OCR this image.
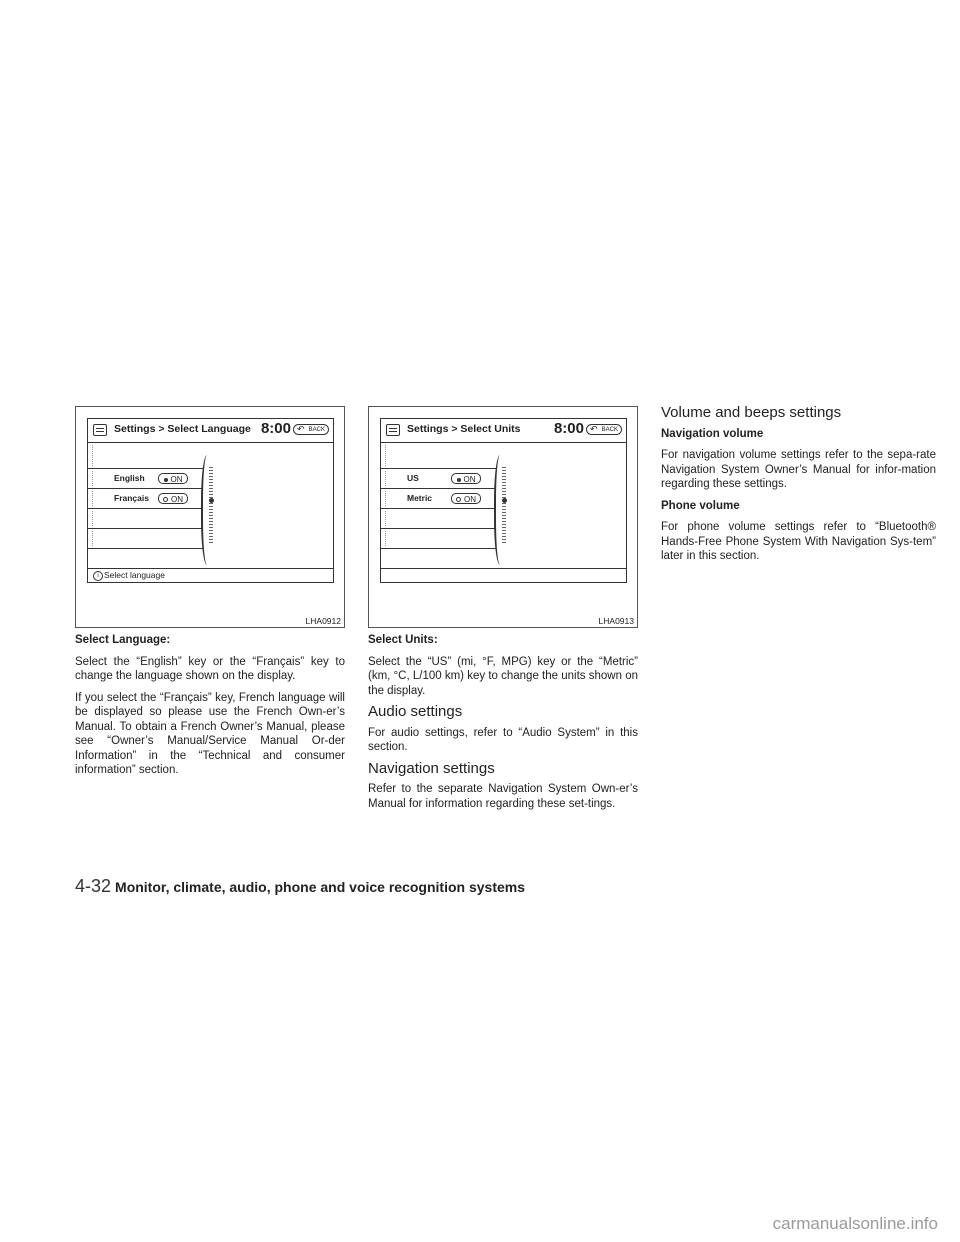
Settings > Select Language 8:00 ↶ BACK
English	ON
Français	ON
i Select language
LHA0912
Settings > Select Units 8:00 ↶ BACK
US	ON
Metric	ON
LHA0913
Select Language:

Select the “English” key or the “Français” key to change the language shown on the display.

If you select the “Français” key, French language will be displayed so please use the French Own-er’s Manual. To obtain a French Owner’s Manual, please see “Owner’s Manual/Service Manual Or-der Information” in the “Technical and consumer information” section.

Select Units:

Select the “US” (mi, °F, MPG) key or the “Metric” (km, °C, L/100 km) key to change the units shown on the display.

Audio settings

For audio settings, refer to “Audio System” in this section.

Navigation settings

Refer to the separate Navigation System Own-er’s Manual for information regarding these set-tings.

Volume and beeps settings
Navigation volume

For navigation volume settings refer to the sepa-rate Navigation System Owner’s Manual for infor-mation regarding these settings.

Phone volume

For phone volume settings refer to “Bluetooth® Hands-Free Phone System With Navigation Sys-tem” later in this section.

4-32 Monitor, climate, audio, phone and voice recognition systems
carmanualsonline.info
